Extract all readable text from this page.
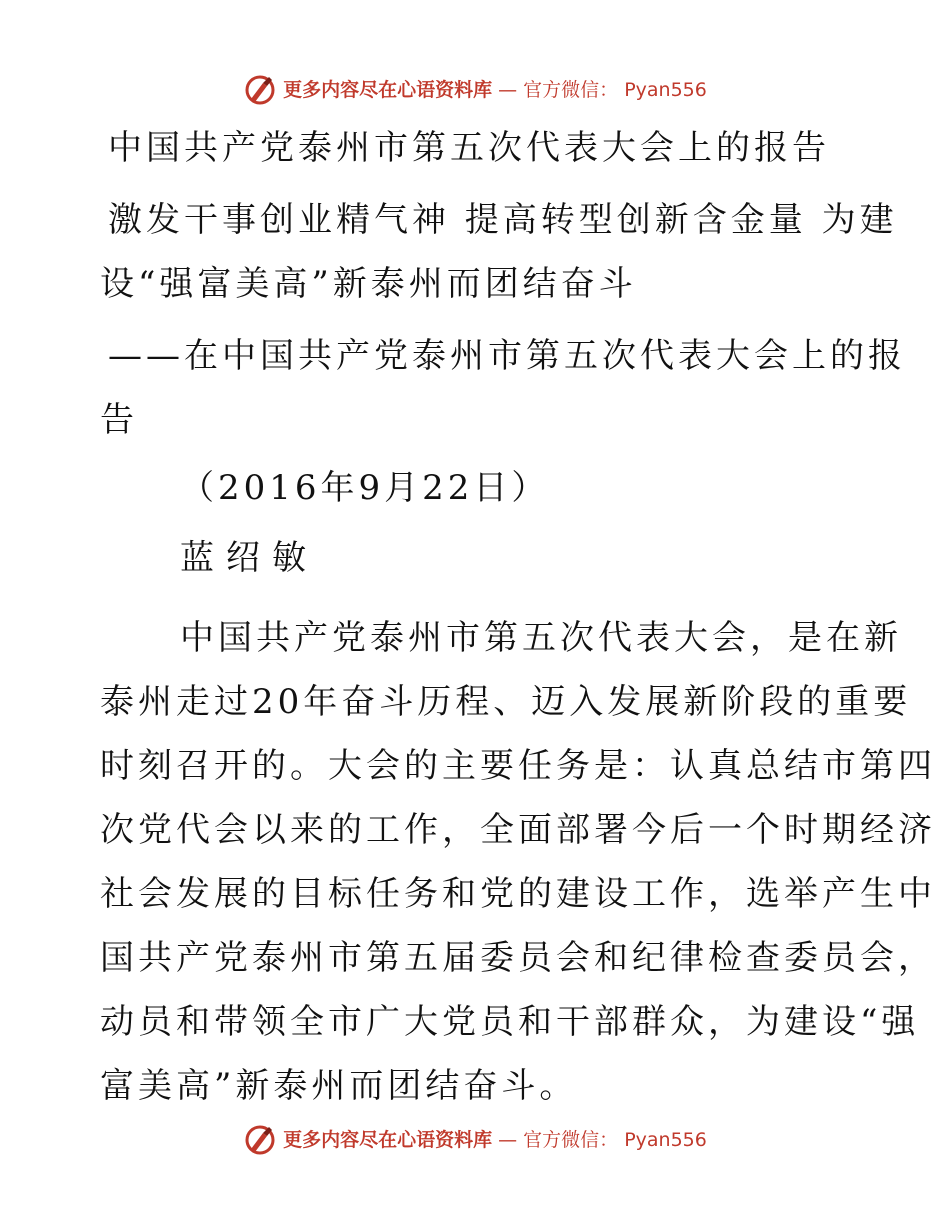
更多内容尽在心语资料库 — 官方微信： Pyan556
中国共产党泰州市第五次代表大会上的报告
激发干事创业精气神 提高转型创新含金量 为建
设“强富美高”新泰州而团结奋斗
——在中国共产党泰州市第五次代表大会上的报
告
（2016年9月22日）
蓝绍敏
中国共产党泰州市第五次代表大会，是在新
泰州走过20年奋斗历程、迈入发展新阶段的重要
时刻召开的。大会的主要任务是：认真总结市第四
次党代会以来的工作，全面部署今后一个时期经济
社会发展的目标任务和党的建设工作，选举产生中
国共产党泰州市第五届委员会和纪律检查委员会，
动员和带领全市广大党员和干部群众，为建设“强
富美高”新泰州而团结奋斗。
更多内容尽在心语资料库 — 官方微信： Pyan556
